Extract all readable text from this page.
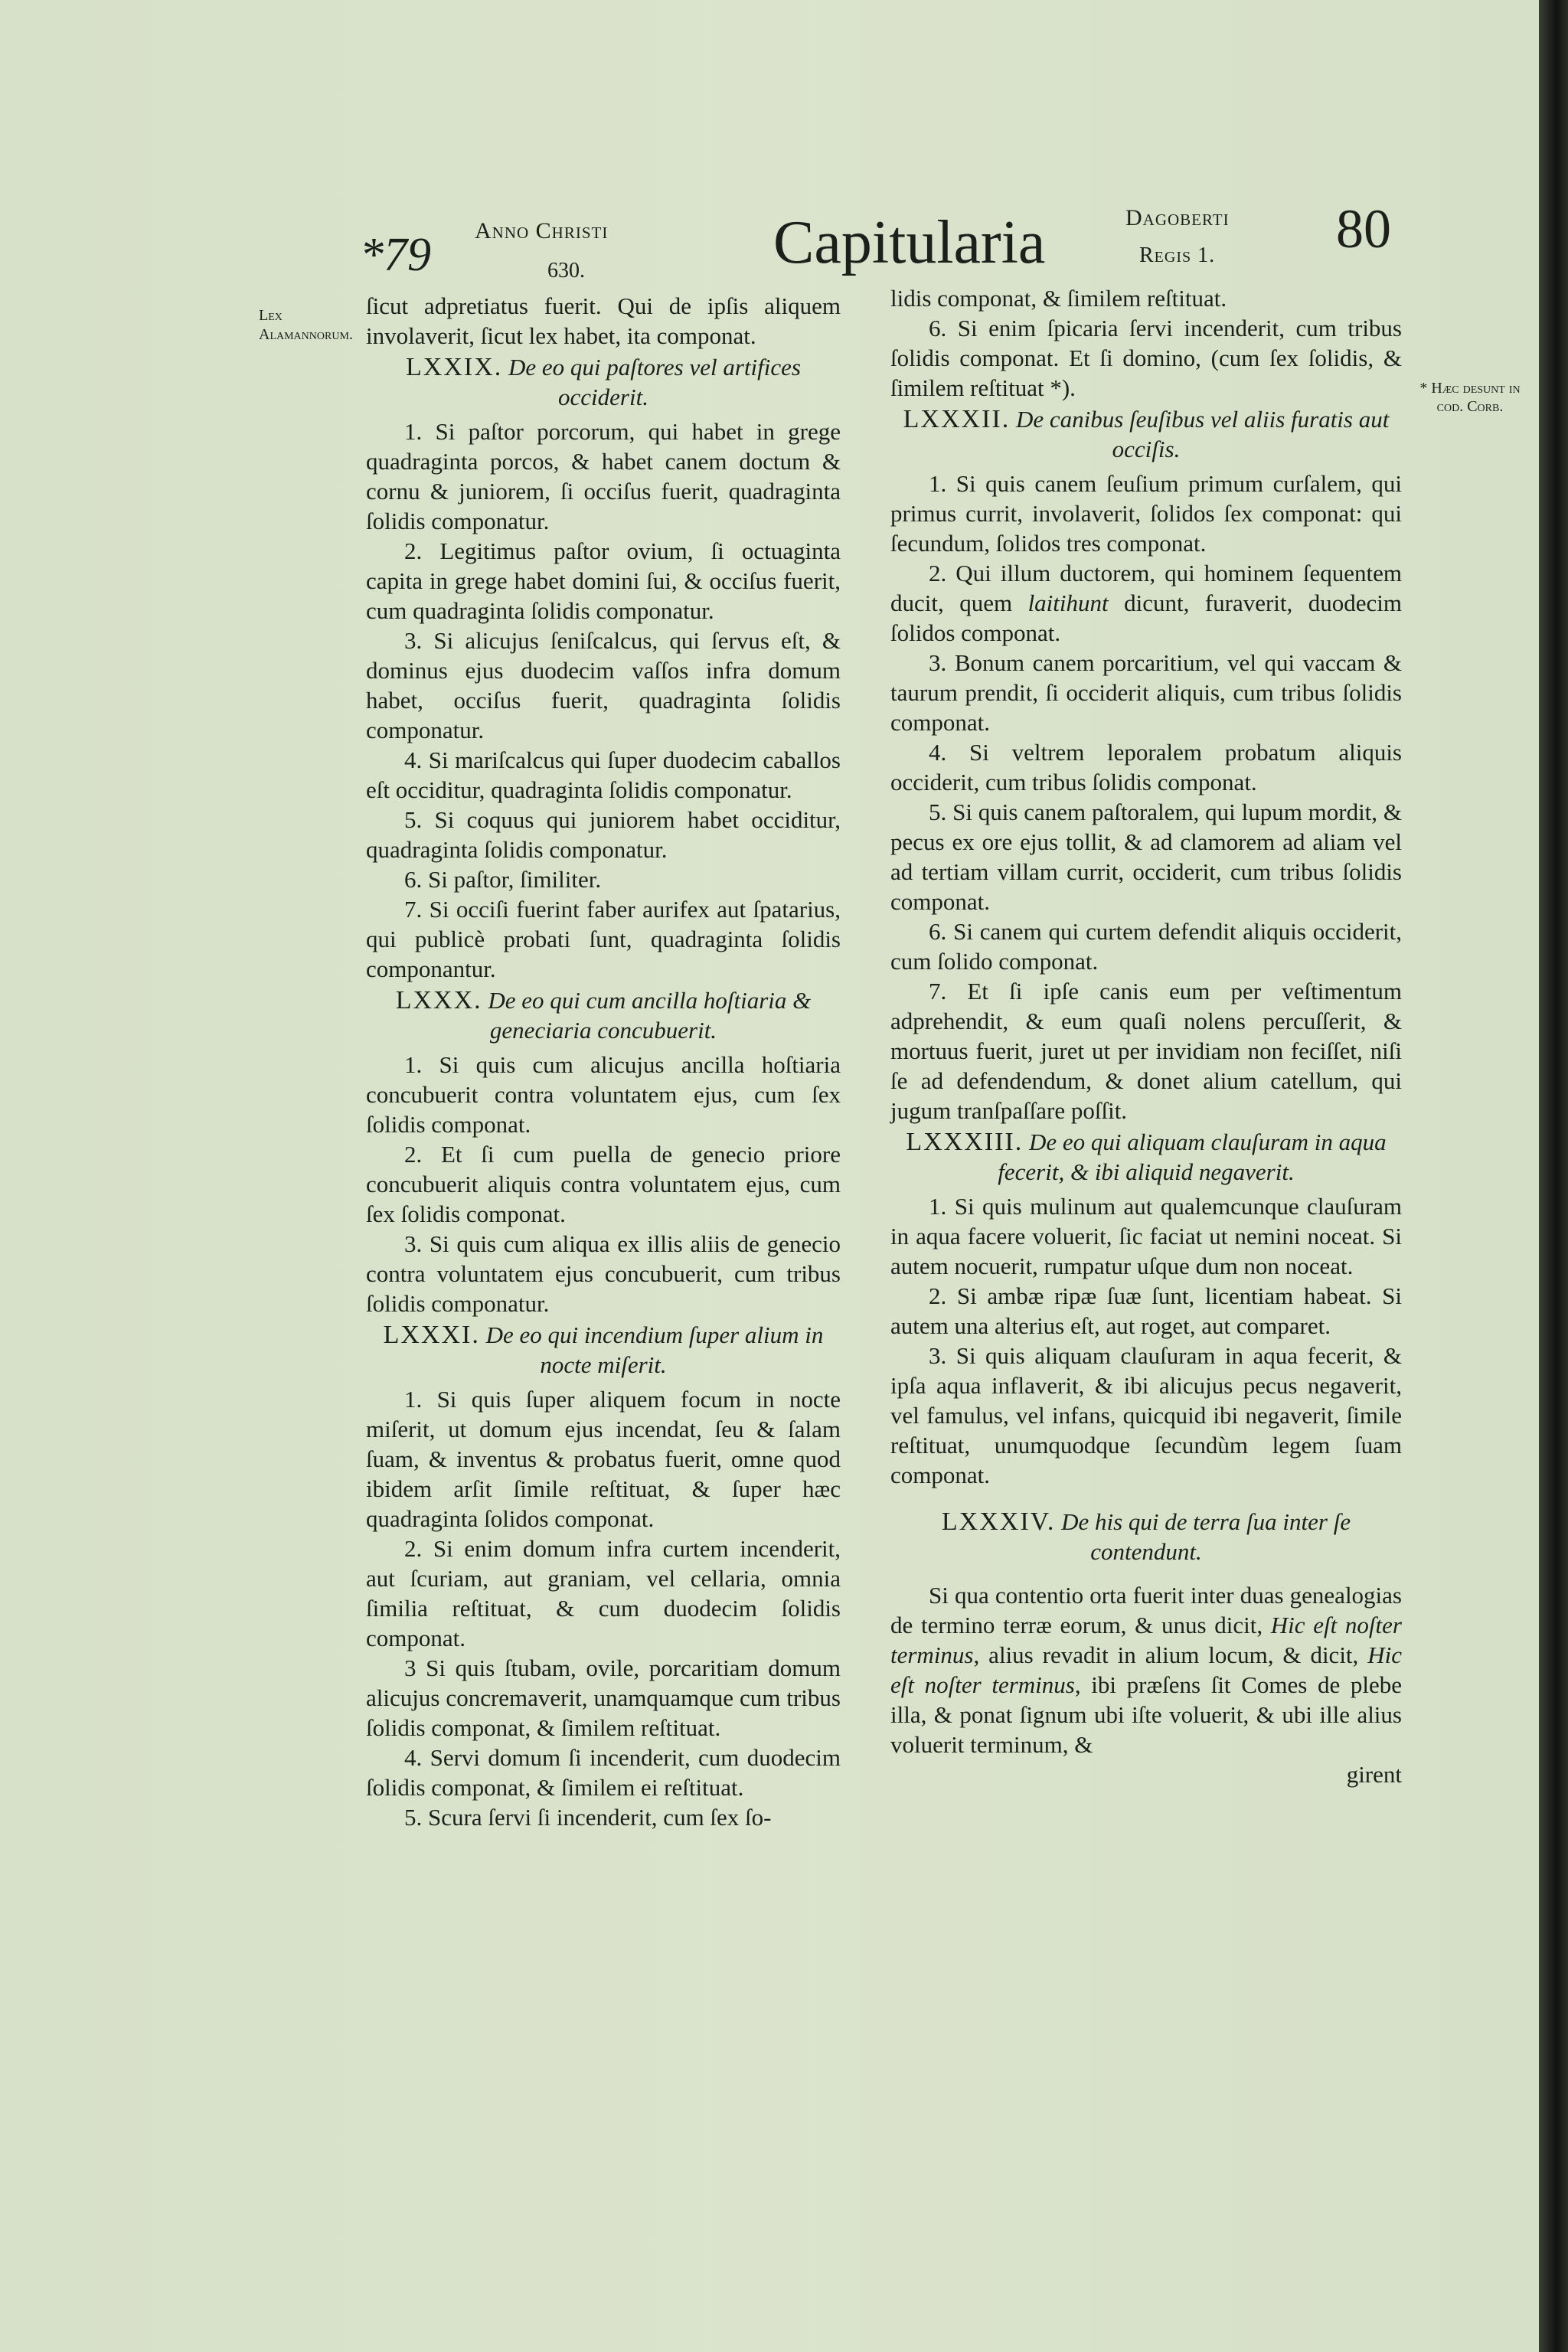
*79 Anno Christi
630.	Capitularia	Dagoberti
Regis 1. 80
Lex Alamannorum.
* Hæc desunt in cod. Corb.

ſicut adpretiatus fuerit. Qui de ipſis aliquem involaverit, ſicut lex habet, ita componat.

LXXIX. De eo qui paſtores vel artifices occiderit.

1. Si paſtor porcorum, qui habet in grege quadraginta porcos, & habet canem doctum & cornu & juniorem, ſi occiſus fuerit, quadraginta ſolidis componatur.

2. Legitimus paſtor ovium, ſi octuaginta capita in grege habet domini ſui, & occiſus fuerit, cum quadraginta ſolidis componatur.

3. Si alicujus ſeniſcalcus, qui ſervus eſt, & dominus ejus duodecim vaſſos infra domum habet, occiſus fuerit, quadraginta ſolidis componatur.

4. Si mariſcalcus qui ſuper duodecim caballos eſt occiditur, quadraginta ſolidis componatur.

5. Si coquus qui juniorem habet occiditur, quadraginta ſolidis componatur.

6. Si paſtor, ſimiliter.

7. Si occiſi fuerint faber aurifex aut ſpatarius, qui publicè probati ſunt, quadraginta ſolidis componantur.

LXXX. De eo qui cum ancilla hoſtiaria & geneciaria concubuerit.

1. Si quis cum alicujus ancilla hoſtiaria concubuerit contra voluntatem ejus, cum ſex ſolidis componat.

2. Et ſi cum puella de genecio priore concubuerit aliquis contra voluntatem ejus, cum ſex ſolidis componat.

3. Si quis cum aliqua ex illis aliis de genecio contra voluntatem ejus concubuerit, cum tribus ſolidis componatur.

LXXXI. De eo qui incendium ſuper alium in nocte miſerit.

1. Si quis ſuper aliquem focum in nocte miſerit, ut domum ejus incendat, ſeu & ſalam ſuam, & inventus & probatus fuerit, omne quod ibidem arſit ſimile reſtituat, & ſuper hæc quadraginta ſolidos componat.

2. Si enim domum infra curtem incenderit, aut ſcuriam, aut graniam, vel cellaria, omnia ſimilia reſtituat, & cum duodecim ſolidis componat.

3 Si quis ſtubam, ovile, porcaritiam domum alicujus concremaverit, unamquamque cum tribus ſolidis componat, & ſimilem reſtituat.

4. Servi domum ſi incenderit, cum duodecim ſolidis componat, & ſimilem ei reſtituat.

5. Scura ſervi ſi incenderit, cum ſex ſo-

lidis componat, & ſimilem reſtituat.

6. Si enim ſpicaria ſervi incenderit, cum tribus ſolidis componat. Et ſi domino, (cum ſex ſolidis, & ſimilem reſtituat *).

LXXXII. De canibus ſeuſibus vel aliis furatis aut occiſis.

1. Si quis canem ſeuſium primum curſalem, qui primus currit, involaverit, ſolidos ſex componat: qui ſecundum, ſolidos tres componat.

2. Qui illum ductorem, qui hominem ſequentem ducit, quem laitihunt dicunt, furaverit, duodecim ſolidos componat.

3. Bonum canem porcaritium, vel qui vaccam & taurum prendit, ſi occiderit aliquis, cum tribus ſolidis componat.

4. Si veltrem leporalem probatum aliquis occiderit, cum tribus ſolidis componat.

5. Si quis canem paſtoralem, qui lupum mordit, & pecus ex ore ejus tollit, & ad clamorem ad aliam vel ad tertiam villam currit, occiderit, cum tribus ſolidis componat.

6. Si canem qui curtem defendit aliquis occiderit, cum ſolido componat.

7. Et ſi ipſe canis eum per veſtimentum adprehendit, & eum quaſi nolens percuſſerit, & mortuus fuerit, juret ut per invidiam non feciſſet, niſi ſe ad defendendum, & donet alium catellum, qui jugum tranſpaſſare poſſit.

LXXXIII. De eo qui aliquam clauſuram in aqua fecerit, & ibi aliquid negaverit.

1. Si quis mulinum aut qualemcunque clauſuram in aqua facere voluerit, ſic faciat ut nemini noceat. Si autem nocuerit, rumpatur uſque dum non noceat.

2. Si ambæ ripæ ſuæ ſunt, licentiam habeat. Si autem una alterius eſt, aut roget, aut comparet.

3. Si quis aliquam clauſuram in aqua fecerit, & ipſa aqua inflaverit, & ibi alicujus pecus negaverit, vel famulus, vel infans, quicquid ibi negaverit, ſimile reſtituat, unumquodque ſecundùm legem ſuam componat.

LXXXIV. De his qui de terra ſua inter ſe contendunt.

Si qua contentio orta fuerit inter duas genealogias de termino terræ eorum, & unus dicit, Hic eſt noſter terminus, alius revadit in alium locum, & dicit, Hic eſt noſter terminus, ibi præſens ſit Comes de plebe illa, & ponat ſignum ubi iſte voluerit, & ubi ille alius voluerit terminum, &

girent
